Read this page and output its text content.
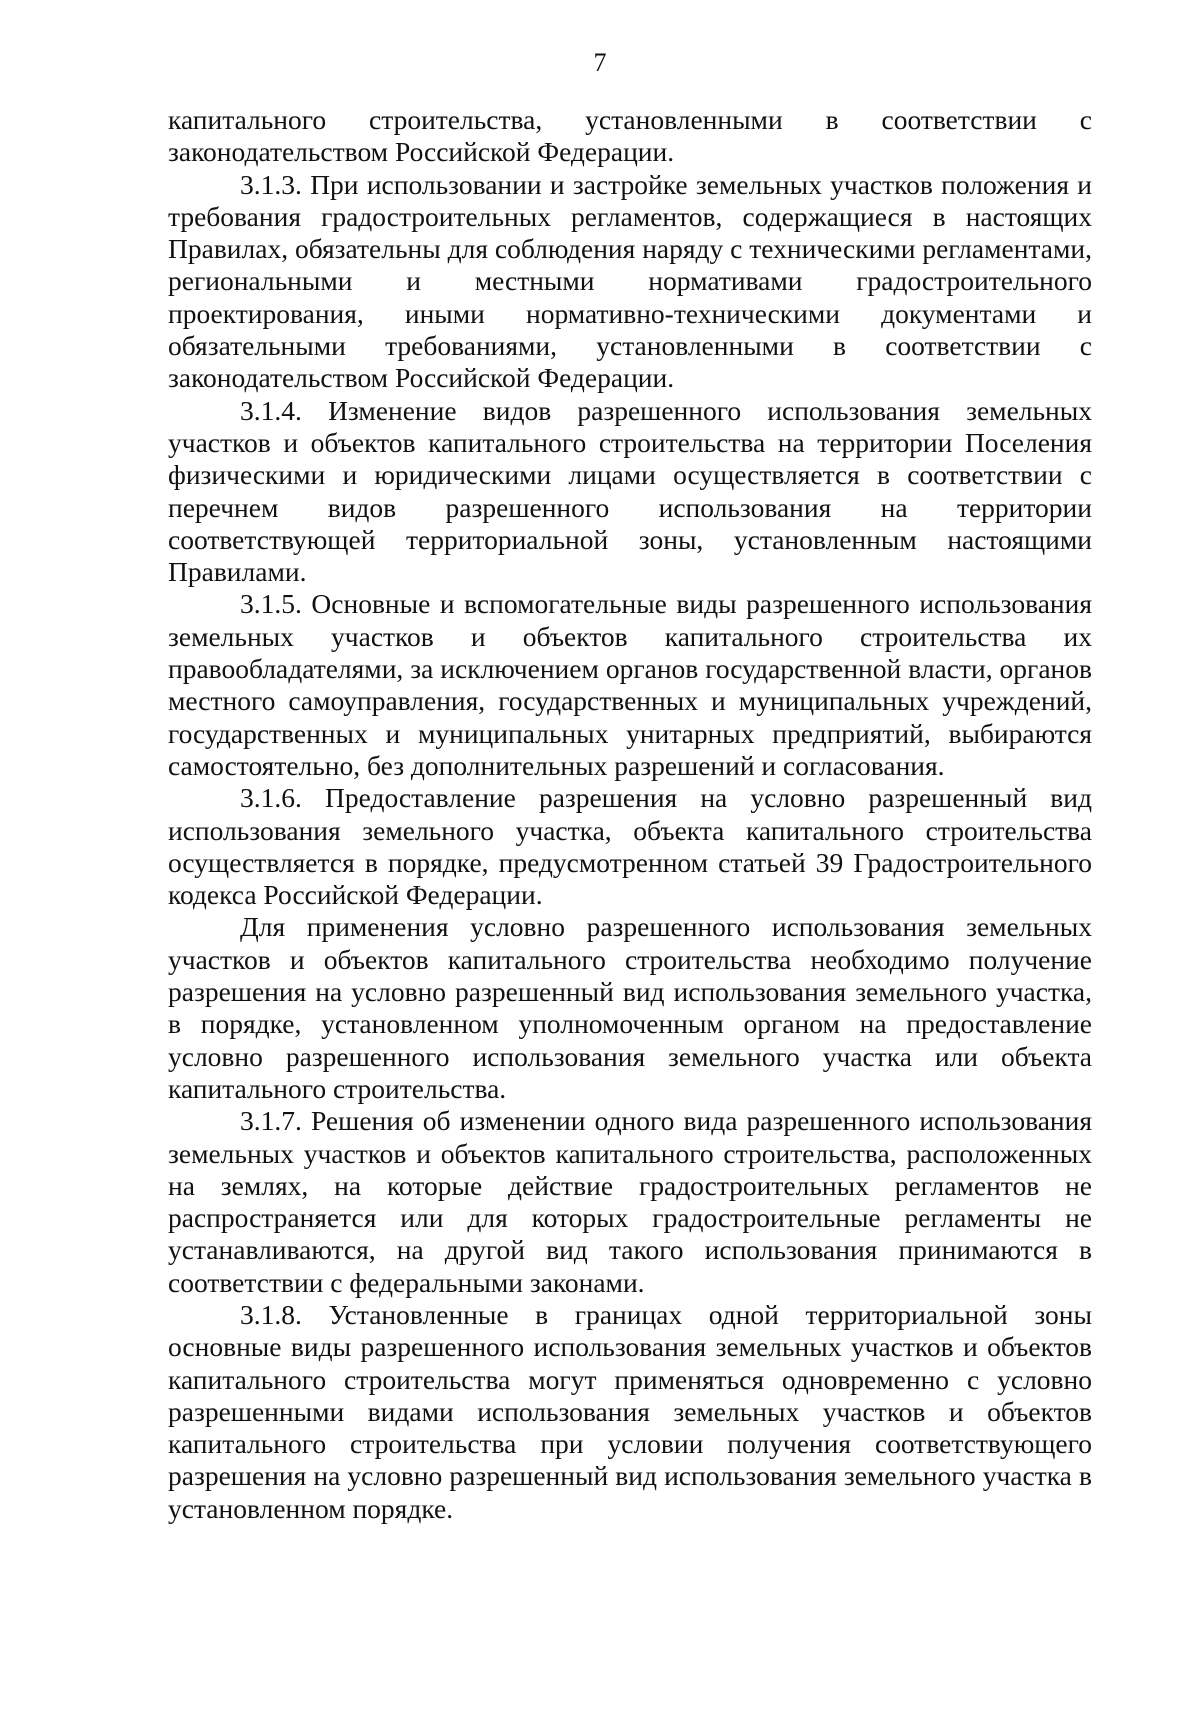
7

капитального строительства, установленными в соответствии с законодательством Российской Федерации.

3.1.3. При использовании и застройке земельных участков положения и требования градостроительных регламентов, содержащиеся в настоящих Правилах, обязательны для соблюдения наряду с техническими регламентами, региональными и местными нормативами градостроительного проектирования, иными нормативно-техническими документами и обязательными требованиями, установленными в соответствии с законодательством Российской Федерации.

3.1.4. Изменение видов разрешенного использования земельных участков и объектов капитального строительства на территории Поселения физическими и юридическими лицами осуществляется в соответствии с перечнем видов разрешенного использования на территории соответствующей территориальной зоны, установленным настоящими Правилами.

3.1.5. Основные и вспомогательные виды разрешенного использования земельных участков и объектов капитального строительства их правообладателями, за исключением органов государственной власти, органов местного самоуправления, государственных и муниципальных учреждений, государственных и муниципальных унитарных предприятий, выбираются самостоятельно, без дополнительных разрешений и согласования.

3.1.6. Предоставление разрешения на условно разрешенный вид использования земельного участка, объекта капитального строительства осуществляется в порядке, предусмотренном статьей 39 Градостроительного кодекса Российской Федерации.

Для применения условно разрешенного использования земельных участков и объектов капитального строительства необходимо получение разрешения на условно разрешенный вид использования земельного участка, в порядке, установленном уполномоченным органом на предоставление условно разрешенного использования земельного участка или объекта капитального строительства.

3.1.7. Решения об изменении одного вида разрешенного использования земельных участков и объектов капитального строительства, расположенных на землях, на которые действие градостроительных регламентов не распространяется или для которых градостроительные регламенты не устанавливаются, на другой вид такого использования принимаются в соответствии с федеральными законами.

3.1.8. Установленные в границах одной территориальной зоны основные виды разрешенного использования земельных участков и объектов капитального строительства могут применяться одновременно с условно разрешенными видами использования земельных участков и объектов капитального строительства при условии получения соответствующего разрешения на условно разрешенный вид использования земельного участка в установленном порядке.
